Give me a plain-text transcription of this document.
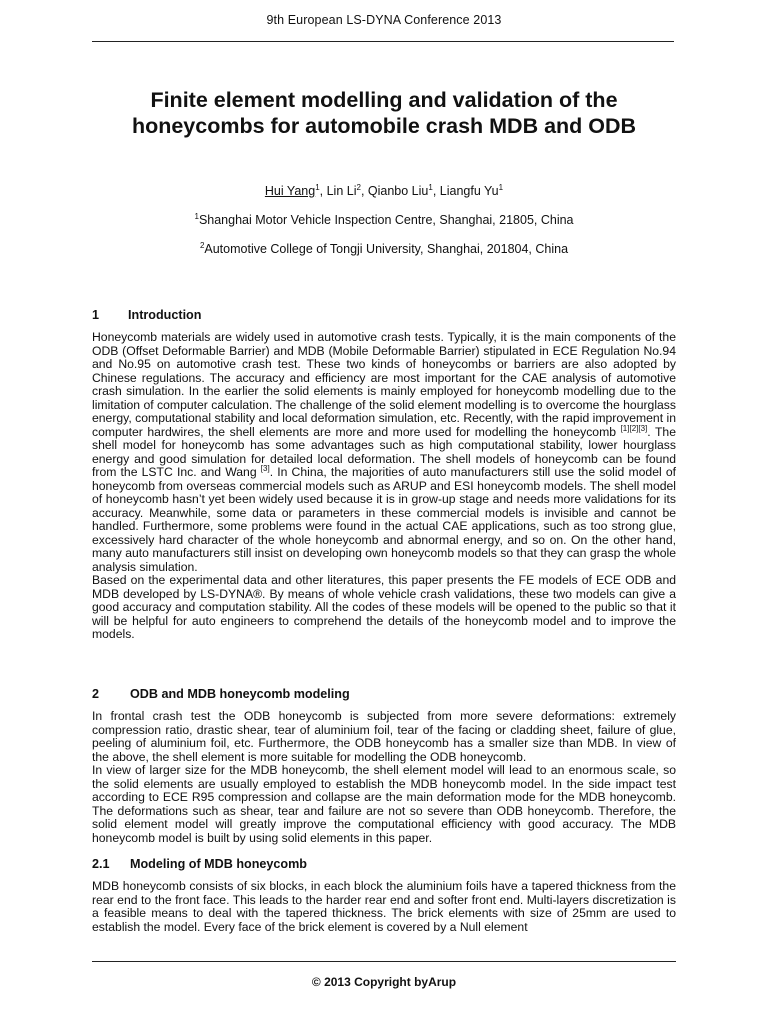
9th European LS-DYNA Conference 2013
Finite element modelling and validation of the
honeycombs for automobile crash MDB and ODB
Hui Yang$^1$, Lin Li$^2$, Qianbo Liu$^1$, Liangfu Yu$^1$
$^1$Shanghai Motor Vehicle Inspection Centre, Shanghai, 21805, China
$^2$Automotive College of Tongji University, Shanghai, 201804, China
1 Introduction

Honeycomb materials are widely used in automotive crash tests. Typically, it is the main components of the ODB (Offset Deformable Barrier) and MDB (Mobile Deformable Barrier) stipulated in ECE Regulation No.94 and No.95 on automotive crash test. These two kinds of honeycombs or barriers are also adopted by Chinese regulations. The accuracy and efficiency are most important for the CAE analysis of automotive crash simulation. In the earlier the solid elements is mainly employed for honeycomb modelling due to the limitation of computer calculation. The challenge of the solid element modelling is to overcome the hourglass energy, computational stability and local deformation simulation, etc. Recently, with the rapid improvement in computer hardwires, the shell elements are more and more used for modelling the honeycomb [1][2][3]. The shell model for honeycomb has some advantages such as high computational stability, lower hourglass energy and good simulation for detailed local deformation. The shell models of honeycomb can be found from the LSTC Inc. and Wang [3]. In China, the majorities of auto manufacturers still use the solid model of honeycomb from overseas commercial models such as ARUP and ESI honeycomb models. The shell model of honeycomb hasn’t yet been widely used because it is in grow-up stage and needs more validations for its accuracy. Meanwhile, some data or parameters in these commercial models is invisible and cannot be handled. Furthermore, some problems were found in the actual CAE applications, such as too strong glue, excessively hard character of the whole honeycomb and abnormal energy, and so on. On the other hand, many auto manufacturers still insist on developing own honeycomb models so that they can grasp the whole analysis simulation.

Based on the experimental data and other literatures, this paper presents the FE models of ECE ODB and MDB developed by LS-DYNA®. By means of whole vehicle crash validations, these two models can give a good accuracy and computation stability. All the codes of these models will be opened to the public so that it will be helpful for auto engineers to comprehend the details of the honeycomb model and to improve the models.

2 ODB and MDB honeycomb modeling

In frontal crash test the ODB honeycomb is subjected from more severe deformations: extremely compression ratio, drastic shear, tear of aluminium foil, tear of the facing or cladding sheet, failure of glue, peeling of aluminium foil, etc. Furthermore, the ODB honeycomb has a smaller size than MDB. In view of the above, the shell element is more suitable for modelling the ODB honeycomb.

In view of larger size for the MDB honeycomb, the shell element model will lead to an enormous scale, so the solid elements are usually employed to establish the MDB honeycomb model. In the side impact test according to ECE R95 compression and collapse are the main deformation mode for the MDB honeycomb. The deformations such as shear, tear and failure are not so severe than ODB honeycomb. Therefore, the solid element model will greatly improve the computational efficiency with good accuracy. The MDB honeycomb model is built by using solid elements in this paper.

2.1 Modeling of MDB honeycomb

MDB honeycomb consists of six blocks, in each block the aluminium foils have a tapered thickness from the rear end to the front face. This leads to the harder rear end and softer front end. Multi-layers discretization is a feasible means to deal with the tapered thickness. The brick elements with size of 25mm are used to establish the model. Every face of the brick element is covered by a Null element

© 2013 Copyright byArup
